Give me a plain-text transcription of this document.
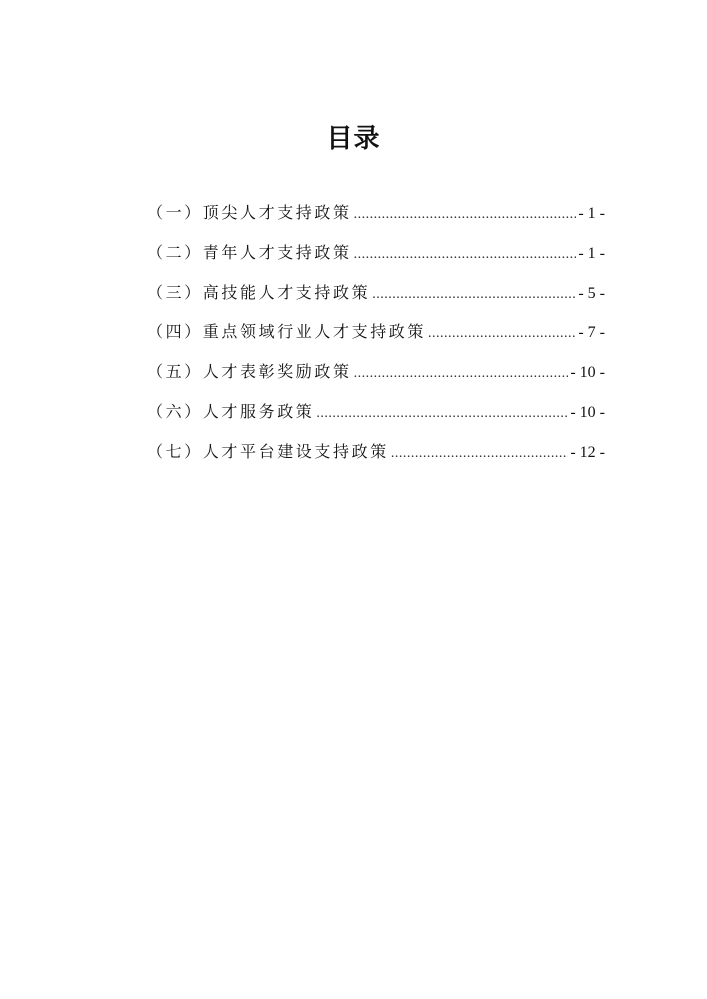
目录
（一）顶尖人才支持政策 .....	- 1 -
（二）青年人才支持政策 .....	- 1 -
（三）高技能人才支持政策 .....	- 5 -
（四）重点领域行业人才支持政策 .....	- 7 -
（五）人才表彰奖励政策 .....	- 10 -
（六）人才服务政策 .....	- 10 -
（七）人才平台建设支持政策 .....	- 12 -
